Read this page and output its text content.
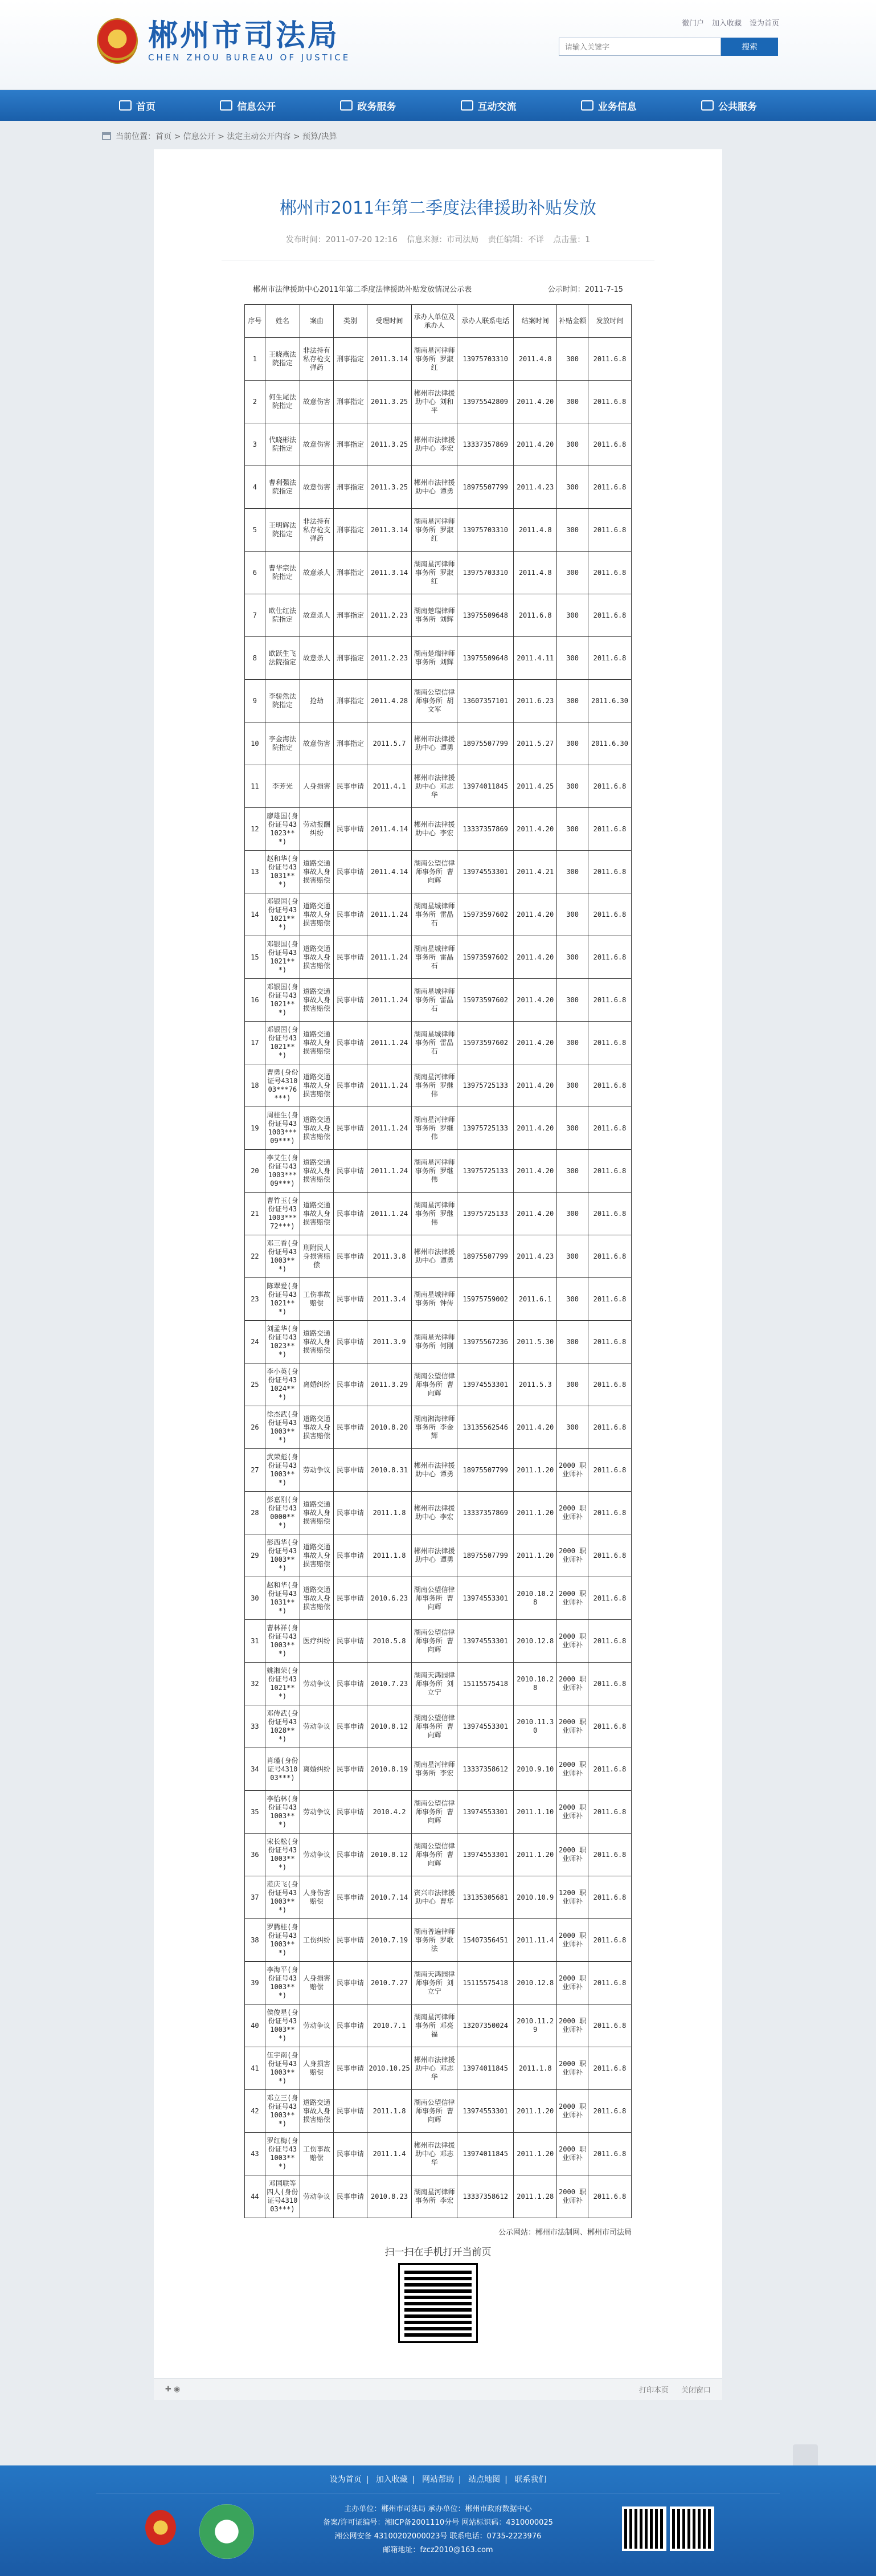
郴州市司法局
CHEN ZHOU BUREAU OF JUSTICE
微门户 加入收藏 设为首页
请输入关键字
搜索
首页	信息公开	政务服务	互动交流	业务信息	公共服务
当前位置：首页 > 信息公开 > 法定主动公开内容 > 预算/决算
郴州市2011年第二季度法律援助补贴发放
发布时间：2011-07-20 12:16 信息来源：市司法局 责任编辑：不详 点击量：1
郴州市法律援助中心2011年第二季度法律援助补贴发放情况公示表	公示时间：2011-7-15
序号	姓名	案由	类别	受理时间	承办人单位及承办人	承办人联系电话	结案时间	补贴金额	发放时间
1	王晓燕法院指定	非法持有私存枪支弹药	刑事指定	2011.3.14	湖南星河律师事务所 罗淑红	13975703310	2011.4.8	300	2011.6.8
2	何生尾法院指定	故意伤害	刑事指定	2011.3.25	郴州市法律援助中心 刘和平	13975542809	2011.4.20	300	2011.6.8
3	代晓彬法院指定	故意伤害	刑事指定	2011.3.25	郴州市法律援助中心 李宏	13337357869	2011.4.20	300	2011.6.8
4	曹利强法院指定	故意伤害	刑事指定	2011.3.25	郴州市法律援助中心 谭勇	18975507799	2011.4.23	300	2011.6.8
5	王明辉法院指定	非法持有私存枪支弹药	刑事指定	2011.3.14	湖南星河律师事务所 罗淑红	13975703310	2011.4.8	300	2011.6.8
6	曹华宗法院指定	故意杀人	刑事指定	2011.3.14	湖南星河律师事务所 罗淑红	13975703310	2011.4.8	300	2011.6.8
7	欧仕红法院指定	故意杀人	刑事指定	2011.2.23	湖南楚瑞律师事务所 刘辉	13975509648	2011.6.8	300	2011.6.8
8	欧跃生飞 法院指定	故意杀人	刑事指定	2011.2.23	湖南楚瑞律师事务所 刘辉	13975509648	2011.4.11	300	2011.6.8
9	李骄然法院指定	抢劫	刑事指定	2011.4.28	湖南公望信律师事务所 胡文军	13607357101	2011.6.23	300	2011.6.30
10	李金海法院指定	故意伤害	刑事指定	2011.5.7	郴州市法律援助中心 谭勇	18975507799	2011.5.27	300	2011.6.30
11	李芳光	人身损害	民事申请	2011.4.1	郴州市法律援助中心 邓志华	13974011845	2011.4.25	300	2011.6.8
12	廖雄国(身份证号431023***)	劳动报酬纠纷	民事申请	2011.4.14	郴州市法律援助中心 李宏	13337357869	2011.4.20	300	2011.6.8
13	赵和华(身份证号431031***)	道路交通事故人身损害赔偿	民事申请	2011.4.14	湖南公望信律师事务所 曹向辉	13974553301	2011.4.21	300	2011.6.8
14	邓银国(身份证号431021***)	道路交通事故人身损害赔偿	民事申请	2011.1.24	湖南星城律师事务所 雷晶石	15973597602	2011.4.20	300	2011.6.8
15	邓银国(身份证号431021***)	道路交通事故人身损害赔偿	民事申请	2011.1.24	湖南星城律师事务所 雷晶石	15973597602	2011.4.20	300	2011.6.8
16	邓银国(身份证号431021***)	道路交通事故人身损害赔偿	民事申请	2011.1.24	湖南星城律师事务所 雷晶石	15973597602	2011.4.20	300	2011.6.8
17	邓银国(身份证号431021***)	道路交通事故人身损害赔偿	民事申请	2011.1.24	湖南星城律师事务所 雷晶石	15973597602	2011.4.20	300	2011.6.8
18	曹勇(身份证号431003***76***)	道路交通事故人身损害赔偿	民事申请	2011.1.24	湖南星河律师事务所 罗继伟	13975725133	2011.4.20	300	2011.6.8
19	周桂生(身份证号431003***09***)	道路交通事故人身损害赔偿	民事申请	2011.1.24	湖南星河律师事务所 罗继伟	13975725133	2011.4.20	300	2011.6.8
20	李艾生(身份证号431003***09***)	道路交通事故人身损害赔偿	民事申请	2011.1.24	湖南星河律师事务所 罗继伟	13975725133	2011.4.20	300	2011.6.8
21	曹竹玉(身份证号431003***72***)	道路交通事故人身损害赔偿	民事申请	2011.1.24	湖南星河律师事务所 罗继伟	13975725133	2011.4.20	300	2011.6.8
22	邓三香(身份证号431003***)	刑附民人身损害赔偿	民事申请	2011.3.8	郴州市法律援助中心 谭勇	18975507799	2011.4.23	300	2011.6.8
23	陈翠爱(身份证号431021***)	工伤事故赔偿	民事申请	2011.3.4	湖南星城律师事务所 钟传	15975759002	2011.6.1	300	2011.6.8
24	刘孟华(身份证号431023***)	道路交通事故人身损害赔偿	民事申请	2011.3.9	湖南星光律师事务所 何刚	13975567236	2011.5.30	300	2011.6.8
25	李小英(身份证号431024***)	离婚纠纷	民事申请	2011.3.29	湖南公望信律师事务所 曹向辉	13974553301	2011.5.3	300	2011.6.8
26	徐杰武(身份证号431003***)	道路交通事故人身损害赔偿	民事申请	2010.8.20	湖南湘海律师事务所 李金辉	13135562546	2011.4.20	300	2011.6.8
27	武荣彪(身份证号431003***)	劳动争议	民事申请	2010.8.31	郴州市法律援助中心 谭勇	18975507799	2011.1.20	2000 职业师补	2011.6.8
28	彭嘉刚(身份证号430000***)	道路交通事故人身损害赔偿	民事申请	2011.1.8	郴州市法律援助中心 李宏	13337357869	2011.1.20	2000 职业师补	2011.6.8
29	彭西华(身份证号431003***)	道路交通事故人身损害赔偿	民事申请	2011.1.8	郴州市法律援助中心 谭勇	18975507799	2011.1.20	2000 职业师补	2011.6.8
30	赵和华(身份证号431031***)	道路交通事故人身损害赔偿	民事申请	2010.6.23	湖南公望信律师事务所 曹向辉	13974553301	2010.10.28	2000 职业师补	2011.6.8
31	曹林祥(身份证号431003***)	医疗纠纷	民事申请	2010.5.8	湖南公望信律师事务所 曹向辉	13974553301	2010.12.8	2000 职业师补	2011.6.8
32	姚湘荣(身份证号431021***)	劳动争议	民事申请	2010.7.23	湖南天鸿园律师事务所 刘立宁	15115575418	2010.10.28	2000 职业师补	2011.6.8
33	邓传武(身份证号431028***)	劳动争议	民事申请	2010.8.12	湖南公望信律师事务所 曹向辉	13974553301	2010.11.30	2000 职业师补	2011.6.8
34	肖瑾(身份证号431003***)	离婚纠纷	民事申请	2010.8.19	湖南星河律师事务所 李宏	13337358612	2010.9.10	2000 职业师补	2011.6.8
35	李怡林(身份证号431003***)	劳动争议	民事申请	2010.4.2	湖南公望信律师事务所 曹向辉	13974553301	2011.1.10	2000 职业师补	2011.6.8
36	宋长松(身份证号431003***)	劳动争议	民事申请	2010.8.12	湖南公望信律师事务所 曹向辉	13974553301	2011.1.20	2000 职业师补	2011.6.8
37	范庆飞(身份证号431003***)	人身伤害赔偿	民事申请	2010.7.14	资兴市法律援助中心 曹华	13135305681	2010.10.9	1200 职业师补	2011.6.8
38	罗腾桂(身份证号431003***)	工伤纠纷	民事申请	2010.7.19	湖南普遍律师事务所 罗歌法	15407356451	2011.11.4	2000 职业师补	2011.6.8
39	李海平(身份证号431003***)	人身损害赔偿	民事申请	2010.7.27	湖南天鸿园律师事务所 刘立宁	15115575418	2010.12.8	2000 职业师补	2011.6.8
40	侯俊星(身份证号431003***)	劳动争议	民事申请	2010.7.1	湖南星河律师事务所 邓亮福	13207350024	2010.11.29	2000 职业师补	2011.6.8
41	伍宇南(身份证号431003***)	人身损害赔偿	民事申请	2010.10.25	郴州市法律援助中心 邓志华	13974011845	2011.1.8	2000 职业师补	2011.6.8
42	邓立三(身份证号431003***)	道路交通事故人身损害赔偿	民事申请	2011.1.8	湖南公望信律师事务所 曹向辉	13974553301	2011.1.20	2000 职业师补	2011.6.8
43	罗红梅(身份证号431003***)	工伤事故赔偿	民事申请	2011.1.4	郴州市法律援助中心 邓志华	13974011845	2011.1.20	2000 职业师补	2011.6.8
44	邓国联等四人(身份证号431003***)	劳动争议	民事申请	2010.8.23	湖南星河律师事务所 李宏	13337358612	2011.1.28	2000 职业师补	2011.6.8
公示网站：郴州市法制网、郴州市司法局
扫一扫在手机打开当前页
✚ ◉	打印本页 关闭窗口
设为首页 | 加入收藏 | 网站帮助 | 站点地图 | 联系我们
主办单位：郴州市司法局 承办单位：郴州市政府数据中心
备案/许可证编号：湘ICP备2001110分号 网站标识码：4310000025
湘公网安备 43100202000023号 联系电话：0735-2223976
邮箱地址：fzcz2010@163.com
